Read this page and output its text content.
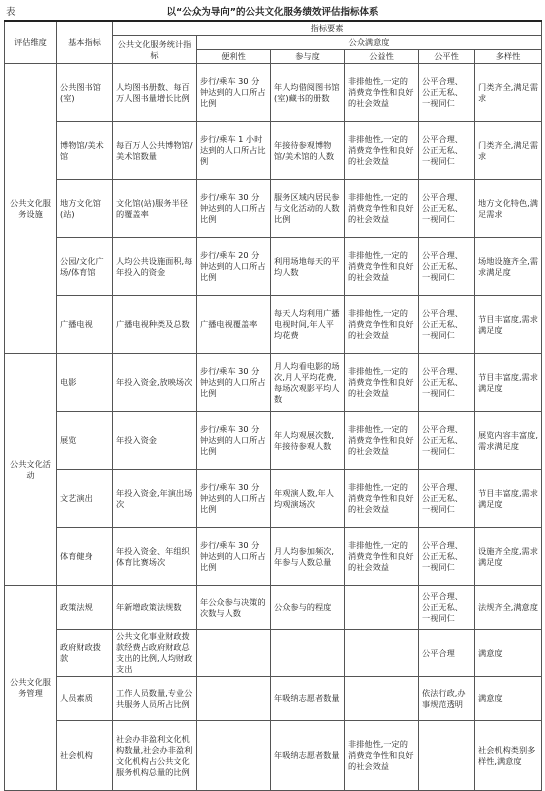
表	以“公众为导向”的公共文化服务绩效评估指标体系
评估维度	基本指标	指标要素					
		公共文化服务统计指标	公众满意度				
			便利性	参与度	公益性	公平性	多样性
公共文化服务设施	公共图书馆(室)	人均图书册数、每百万人图书量增长比例	步行/乘车 30 分钟达到的人口所占比例	年人均借阅图书馆(室)藏书的册数	非排他性,一定的消费竞争性和良好的社会效益	公平合理、公正无私、一视同仁	门类齐全,满足需求
	博物馆/美术馆	每百万人公共博物馆/美术馆数量	步行/乘车 1 小时达到的人口所占比例	年接待参观博物馆/美术馆的人数	非排他性,一定的消费竞争性和良好的社会效益	公平合理、公正无私、一视同仁	门类齐全,满足需求
	地方文化馆(站)	文化馆(站)服务半径的覆盖率	步行/乘车 30 分钟达到的人口所占比例	服务区域内居民参与文化活动的人数比例	非排他性,一定的消费竞争性和良好的社会效益	公平合理、公正无私、一视同仁	地方文化特色,满足需求
	公园/文化广场/体育馆	人均公共设施面积,每年投入的资金	步行/乘车 20 分钟达到的人口所占比例	利用场地每天的平均人数	非排他性,一定的消费竞争性和良好的社会效益	公平合理、公正无私、一视同仁	场地设施齐全,需求满足度
	广播电视	广播电视种类及总数	广播电视覆盖率	每天人均利用广播电视时间,年人平均花费	非排他性,一定的消费竞争性和良好的社会效益	公平合理、公正无私、一视同仁	节目丰富度,需求满足度
公共文化活动	电影	年投入资金,放映场次	步行/乘车 30 分钟达到的人口所占比例	月人均看电影的场次,月人平均花费,每场次观影平均人数	非排他性,一定的消费竞争性和良好的社会效益	公平合理、公正无私、一视同仁	节目丰富度,需求满足度
	展览	年投入资金	步行/乘车 30 分钟达到的人口所占比例	年人均观展次数,年接待参观人数	非排他性,一定的消费竞争性和良好的社会效益	公平合理、公正无私、一视同仁	展览内容丰富度,需求满足度
	文艺演出	年投入资金,年演出场次	步行/乘车 30 分钟达到的人口所占比例	年观演人数,年人均观演场次	非排他性,一定的消费竞争性和良好的社会效益	公平合理、公正无私、一视同仁	节目丰富度,需求满足度
	体育健身	年投入资金、年组织体育比赛场次	步行/乘车 30 分钟达到的人口所占比例	月人均参加频次,年参与人数总量	非排他性,一定的消费竞争性和良好的社会效益	公平合理、公正无私、一视同仁	设施齐全度,需求满足度
公共文化服务管理	政策法规	年新增政策法规数	年公众参与决策的次数与人数	公众参与的程度		公平合理、公正无私、一视同仁	法规齐全,满意度
	政府财政拨款	公共文化事业财政拨款经费占政府财政总支出的比例,人均财政支出				公平合理	满意度
	人员素质	工作人员数量,专业公共服务人员所占比例		年吸纳志愿者数量		依法行政,办事规范透明	满意度
	社会机构	社会办非盈利文化机构数量,社会办非盈利文化机构占公共文化服务机构总量的比例		年吸纳志愿者数量	非排他性,一定的消费竞争性和良好的社会效益		社会机构类别多样性,满意度
